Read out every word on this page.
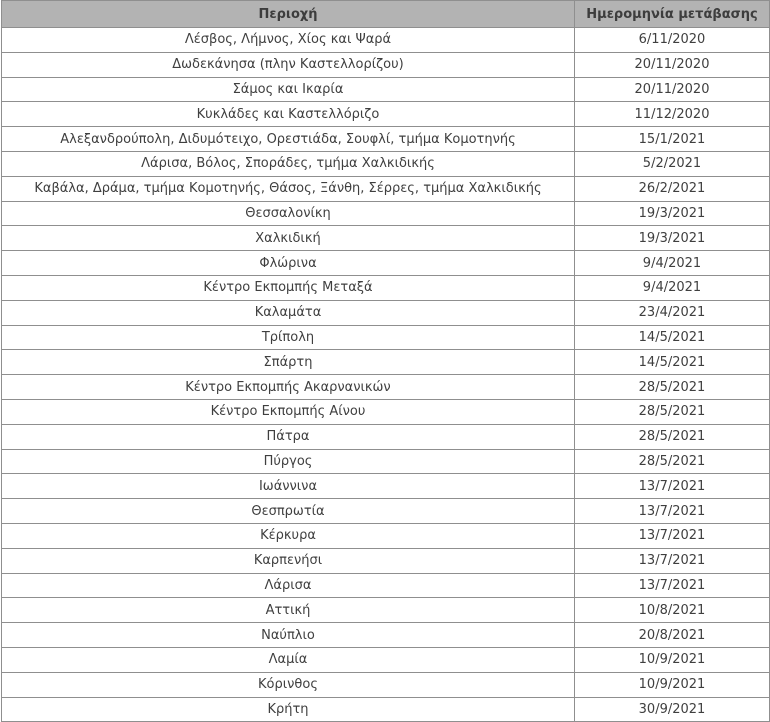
Περιοχή	Ημερομηνία μετάβασης
Λέσβος, Λήμνος, Χίος και Ψαρά	6/11/2020
Δωδεκάνησα (πλην Καστελλορίζου)	20/11/2020
Σάμος και Ικαρία	20/11/2020
Κυκλάδες και Καστελλόριζο	11/12/2020
Αλεξανδρούπολη, Διδυμότειχο, Ορεστιάδα, Σουφλί, τμήμα Κομοτηνής	15/1/2021
Λάρισα, Βόλος, Σποράδες, τμήμα Χαλκιδικής	5/2/2021
Καβάλα, Δράμα, τμήμα Κομοτηνής, Θάσος, Ξάνθη, Σέρρες, τμήμα Χαλκιδικής	26/2/2021
Θεσσαλονίκη	19/3/2021
Χαλκιδική	19/3/2021
Φλώρινα	9/4/2021
Κέντρο Εκπομπής Μεταξά	9/4/2021
Καλαμάτα	23/4/2021
Τρίπολη	14/5/2021
Σπάρτη	14/5/2021
Κέντρο Εκπομπής Ακαρνανικών	28/5/2021
Κέντρο Εκπομπής Αίνου	28/5/2021
Πάτρα	28/5/2021
Πύργος	28/5/2021
Ιωάννινα	13/7/2021
Θεσπρωτία	13/7/2021
Κέρκυρα	13/7/2021
Καρπενήσι	13/7/2021
Λάρισα	13/7/2021
Αττική	10/8/2021
Ναύπλιο	20/8/2021
Λαμία	10/9/2021
Κόρινθος	10/9/2021
Κρήτη	30/9/2021
